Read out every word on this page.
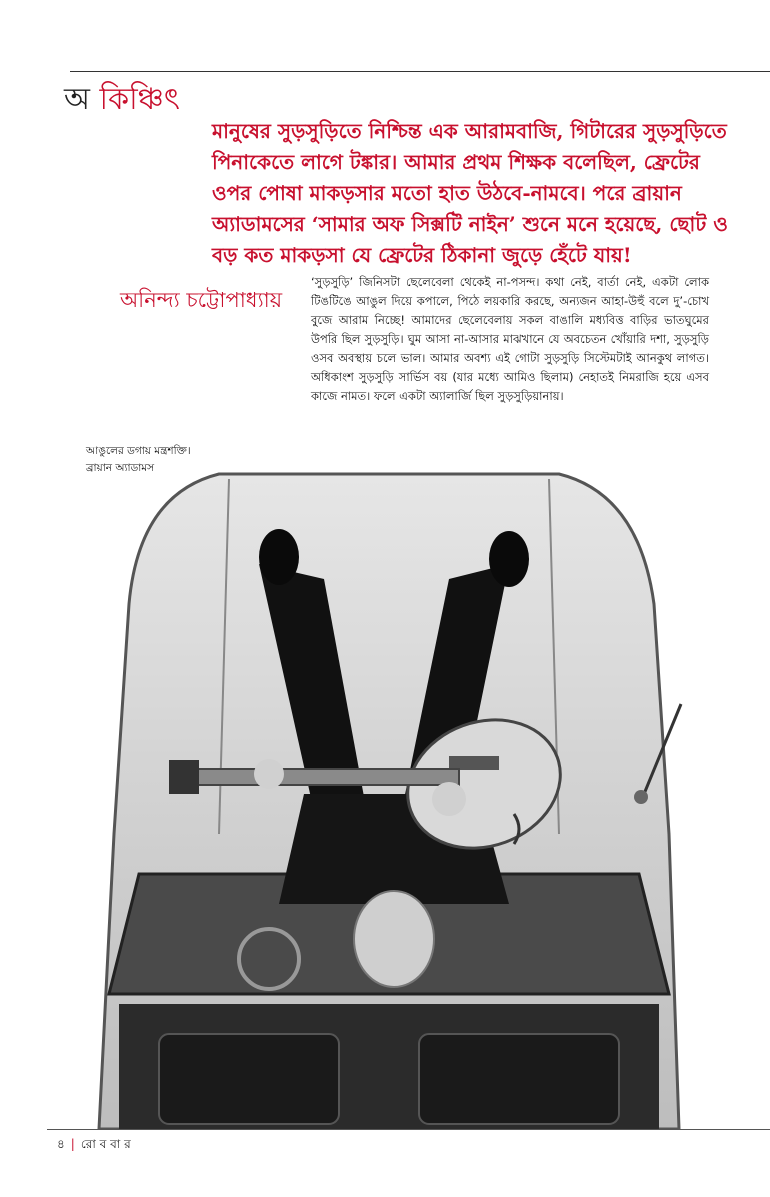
অ কিঞ্চিৎ

মানুষের সুড়সুড়িতে নিশ্চিন্ত এক আরামবাজি, গিটারের সুড়সুড়িতে পিনাকেতে লাগে টঙ্কার। আমার প্রথম শিক্ষক বলেছিল, ফ্রেটের ওপর পোষা মাকড়সার মতো হাত উঠবে-নামবে। পরে ব্রায়ান অ্যাডামসের ‘সামার অফ সিক্সটি নাইন’ শুনে মনে হয়েছে, ছোট ও বড় কত মাকড়সা যে ফ্রেটের ঠিকানা জুড়ে হেঁটে যায়!

অনিন্দ্য চট্টোপাধ্যায়

‘সুড়সুড়ি’ জিনিসটা ছেলেবেলা থেকেই না-পসন্দ। কথা নেই, বার্তা নেই, একটা লোক টিঙটিঙে আঙুল দিয়ে কপালে, পিঠে লয়কারি করছে, অন্যজন আহা-উহুঁ বলে দু’-চোখ বুজে আরাম নিচ্ছে! আমাদের ছেলেবেলায় সকল বাঙালি মধ্যবিত্ত বাড়ির ভাতঘুমের উপরি ছিল সুড়সুড়ি। ঘুম আসা না-আসার মাঝখানে যে অবচেতন খোঁয়ারি দশা, সুড়সুড়ি ওসব অবস্থায় চলে ভাল। আমার অবশ্য এই গোটা সুড়সুড়ি সিস্টেমটাই আনকুথ লাগত। অধিকাংশ সুড়সুড়ি সার্ভিস বয় (যার মধ্যে আমিও ছিলাম) নেহাতই নিমরাজি হয়ে এসব কাজে নামত। ফলে একটা অ্যালার্জি ছিল সুড়সুড়িয়ানায়।

আঙুলের ডগায় মন্ত্রশক্তি।
ব্রায়ান অ্যাডামস
৪ | রো ব বা র
